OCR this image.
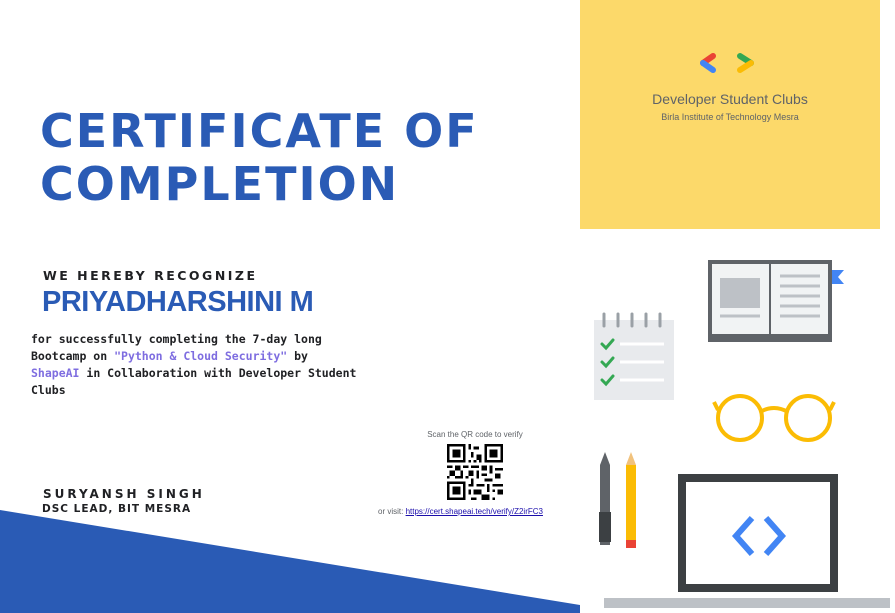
Developer Student Clubs
Birla Institute of Technology Mesra
CERTIFICATE OF
COMPLETION
WE HEREBY RECOGNIZE
PRIYADHARSHINI M
for successfully completing the 7-day long Bootcamp on "Python & Cloud Security" by ShapeAI in Collaboration with Developer Student Clubs
SURYANSH SINGH
DSC LEAD, BIT MESRA
Scan the QR code to verify
or visit: https://cert.shapeai.tech/verify/Z2irFC3
